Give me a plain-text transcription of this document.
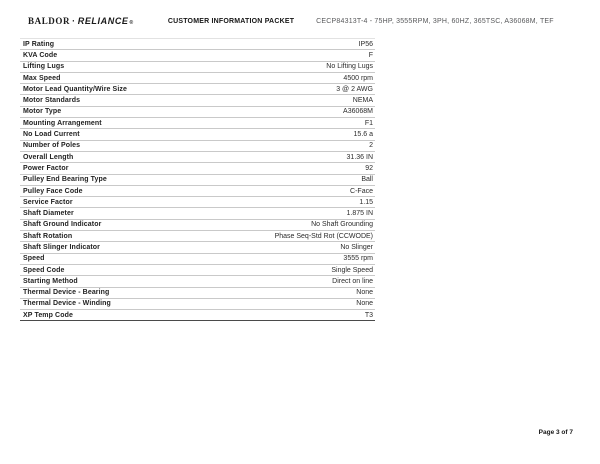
BALDOR · RELIANCE ®	CUSTOMER INFORMATION PACKET	CECP84313T-4 - 75HP, 3555RPM, 3PH, 60HZ, 365TSC, A36068M, TEF
IP Rating	IP56
KVA Code	F
Lifting Lugs	No Lifting Lugs
Max Speed	4500 rpm
Motor Lead Quantity/Wire Size	3 @ 2 AWG
Motor Standards	NEMA
Motor Type	A36068M
Mounting Arrangement	F1
No Load Current	15.6 a
Number of Poles	2
Overall Length	31.36 IN
Power Factor	92
Pulley End Bearing Type	Ball
Pulley Face Code	C-Face
Service Factor	1.15
Shaft Diameter	1.875 IN
Shaft Ground Indicator	No Shaft Grounding
Shaft Rotation	Phase Seq-Std Rot (CCWODE)
Shaft Slinger Indicator	No Slinger
Speed	3555 rpm
Speed Code	Single Speed
Starting Method	Direct on line
Thermal Device - Bearing	None
Thermal Device - Winding	None
XP Temp Code	T3
Page 3 of 7
